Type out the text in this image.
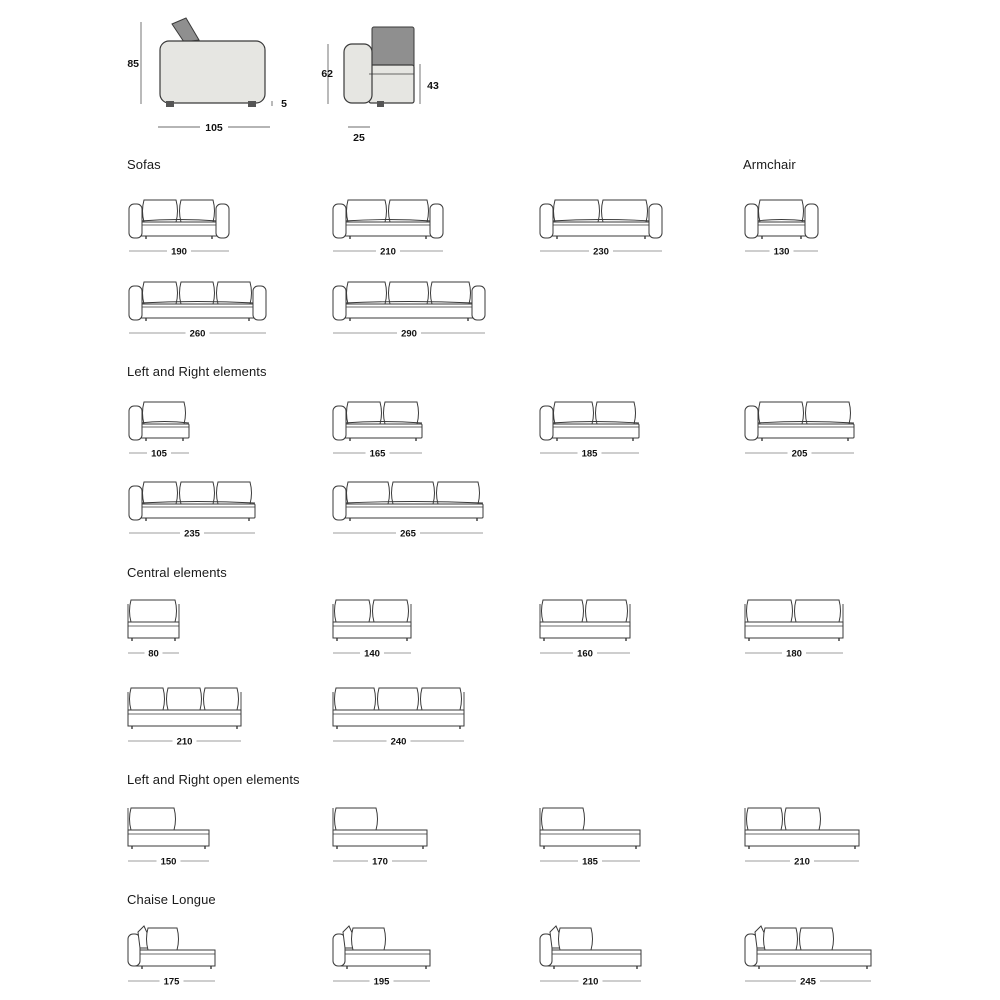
85
5
105
62
43
25
190	210	230
260	290
130
105	165	185	205
235	265
80	140	160	180
210	240
150	170	185	210
175	195	210	245
Sofas	Armchair
Left and Right elements
Central elements
Left and Right open elements
Chaise Longue
